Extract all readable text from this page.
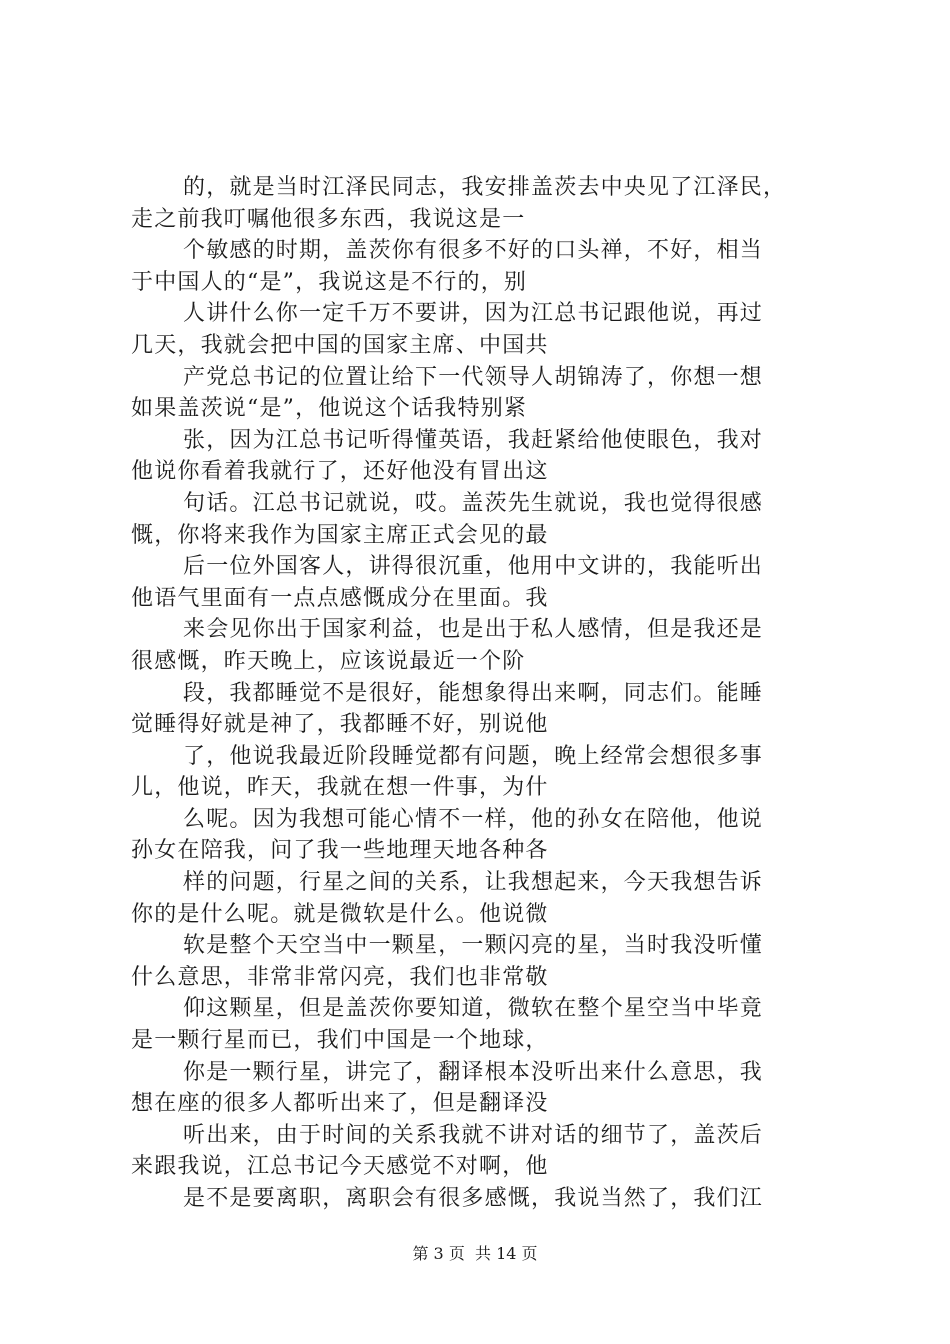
的，就是当时江泽民同志，我安排盖茨去中央见了江泽民，
走之前我叮嘱他很多东西，我说这是一
个敏感的时期，盖茨你有很多不好的口头禅，不好，相当
于中国人的“是”，我说这是不行的，别
人讲什么你一定千万不要讲，因为江总书记跟他说，再过
几天，我就会把中国的国家主席、中国共
产党总书记的位置让给下一代领导人胡锦涛了，你想一想
如果盖茨说“是”，他说这个话我特别紧
张，因为江总书记听得懂英语，我赶紧给他使眼色，我对
他说你看着我就行了，还好他没有冒出这
句话。江总书记就说，哎。盖茨先生就说，我也觉得很感
慨，你将来我作为国家主席正式会见的最
后一位外国客人，讲得很沉重，他用中文讲的，我能听出
他语气里面有一点点感慨成分在里面。我
来会见你出于国家利益，也是出于私人感情，但是我还是
很感慨，昨天晚上，应该说最近一个阶
段，我都睡觉不是很好，能想象得出来啊，同志们。能睡
觉睡得好就是神了，我都睡不好，别说他
了，他说我最近阶段睡觉都有问题，晚上经常会想很多事
儿，他说，昨天，我就在想一件事，为什
么呢。因为我想可能心情不一样，他的孙女在陪他，他说
孙女在陪我，问了我一些地理天地各种各
样的问题，行星之间的关系，让我想起来，今天我想告诉
你的是什么呢。就是微软是什么。他说微
软是整个天空当中一颗星，一颗闪亮的星，当时我没听懂
什么意思，非常非常闪亮，我们也非常敬
仰这颗星，但是盖茨你要知道，微软在整个星空当中毕竟
是一颗行星而已，我们中国是一个地球，
你是一颗行星，讲完了，翻译根本没听出来什么意思，我
想在座的很多人都听出来了，但是翻译没
听出来，由于时间的关系我就不讲对话的细节了，盖茨后
来跟我说，江总书记今天感觉不对啊，他
是不是要离职，离职会有很多感慨，我说当然了，我们江
第 3 页  共 14 页
